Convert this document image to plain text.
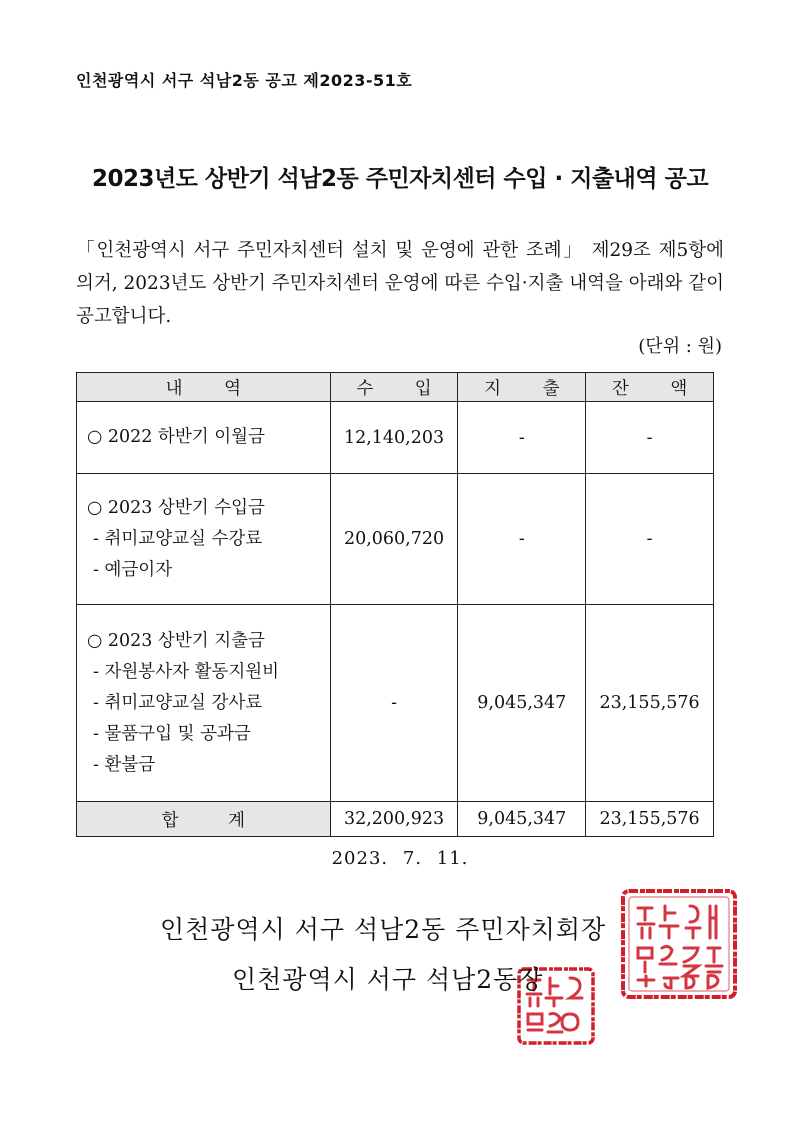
인천광역시 서구 석남2동 공고 제2023-51호
2023년도 상반기 석남2동 주민자치센터 수입 · 지출내역 공고
「인천광역시 서구 주민자치센터 설치 및 운영에 관한 조례」 제29조 제5항에 의거, 2023년도 상반기 주민자치센터 운영에 따른 수입·지출 내역을 아래와 같이 공고합니다.
(단위 : 원)
내 역	수 입	지 출	잔 액

○ 2022 하반기 이월금	12,140,203	-	-

○ 2023 상반기 수입금
- 취미교양교실 수강료
- 예금이자	20,060,720	-	-

○ 2023 상반기 지출금
- 자원봉사자 활동지원비
- 취미교양교실 강사료
- 물품구입 및 공과금
- 환불금	-	9,045,347	23,155,576
합 계	32,200,923	9,045,347	23,155,576
2023. 7. 11.
인천광역시 서구 석남2동 주민자치회장
인천광역시 서구 석남2동장
